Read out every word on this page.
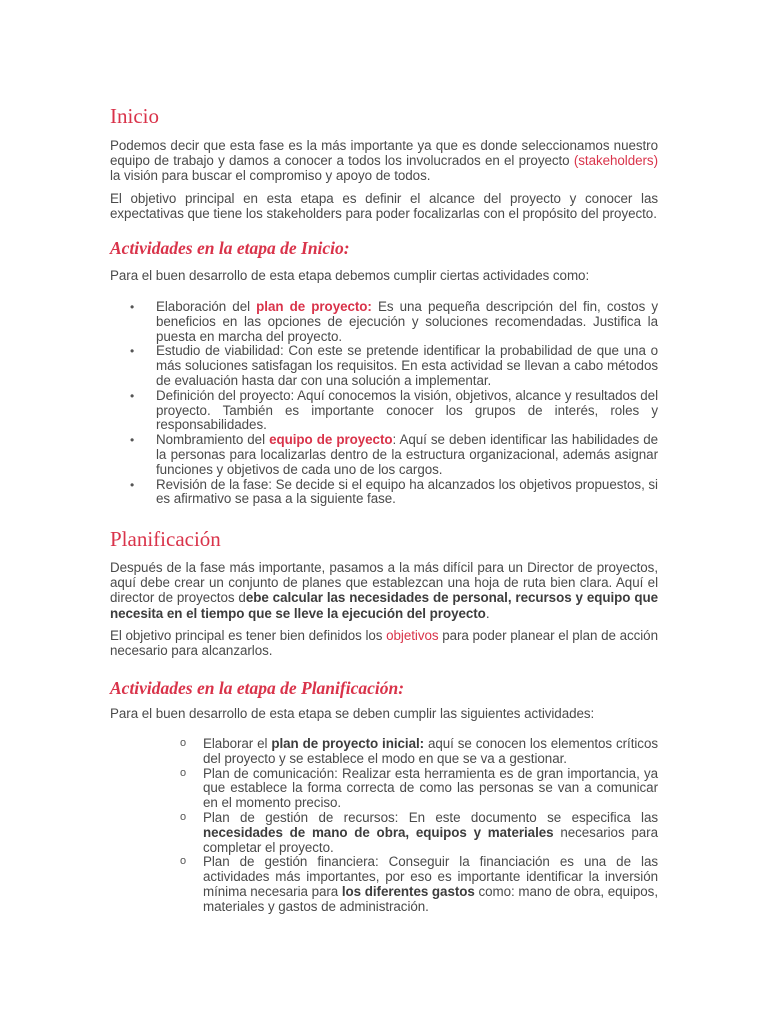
Inicio

Podemos decir que esta fase es la más importante ya que es donde seleccionamos nuestro equipo de trabajo y damos a conocer a todos los involucrados en el proyecto (stakeholders) la visión para buscar el compromiso y apoyo de todos.

El objetivo principal en esta etapa es definir el alcance del proyecto y conocer las expectativas que tiene los stakeholders para poder focalizarlas con el propósito del proyecto.

Actividades en la etapa de Inicio:

Para el buen desarrollo de esta etapa debemos cumplir ciertas actividades como:

• Elaboración del plan de proyecto: Es una pequeña descripción del fin, costos y beneficios en las opciones de ejecución y soluciones recomendadas. Justifica la puesta en marcha del proyecto.
• Estudio de viabilidad: Con este se pretende identificar la probabilidad de que una o más soluciones satisfagan los requisitos. En esta actividad se llevan a cabo métodos de evaluación hasta dar con una solución a implementar.
• Definición del proyecto: Aquí conocemos la visión, objetivos, alcance y resultados del proyecto. También es importante conocer los grupos de interés, roles y responsabilidades.
• Nombramiento del equipo de proyecto: Aquí se deben identificar las habilidades de la personas para localizarlas dentro de la estructura organizacional, además asignar funciones y objetivos de cada uno de los cargos.
• Revisión de la fase: Se decide si el equipo ha alcanzados los objetivos propuestos, si es afirmativo se pasa a la siguiente fase.
Planificación

Después de la fase más importante, pasamos a la más difícil para un Director de proyectos, aquí debe crear un conjunto de planes que establezcan una hoja de ruta bien clara. Aquí el director de proyectos debe calcular las necesidades de personal, recursos y equipo que necesita en el tiempo que se lleve la ejecución del proyecto.

El objetivo principal es tener bien definidos los objetivos para poder planear el plan de acción necesario para alcanzarlos.

Actividades en la etapa de Planificación:

Para el buen desarrollo de esta etapa se deben cumplir las siguientes actividades:

o Elaborar el plan de proyecto inicial: aquí se conocen los elementos críticos del proyecto y se establece el modo en que se va a gestionar.
o Plan de comunicación: Realizar esta herramienta es de gran importancia, ya que establece la forma correcta de como las personas se van a comunicar en el momento preciso.
o Plan de gestión de recursos: En este documento se especifica las necesidades de mano de obra, equipos y materiales necesarios para completar el proyecto.
o Plan de gestión financiera: Conseguir la financiación es una de las actividades más importantes, por eso es importante identificar la inversión mínima necesaria para los diferentes gastos como: mano de obra, equipos, materiales y gastos de administración.
